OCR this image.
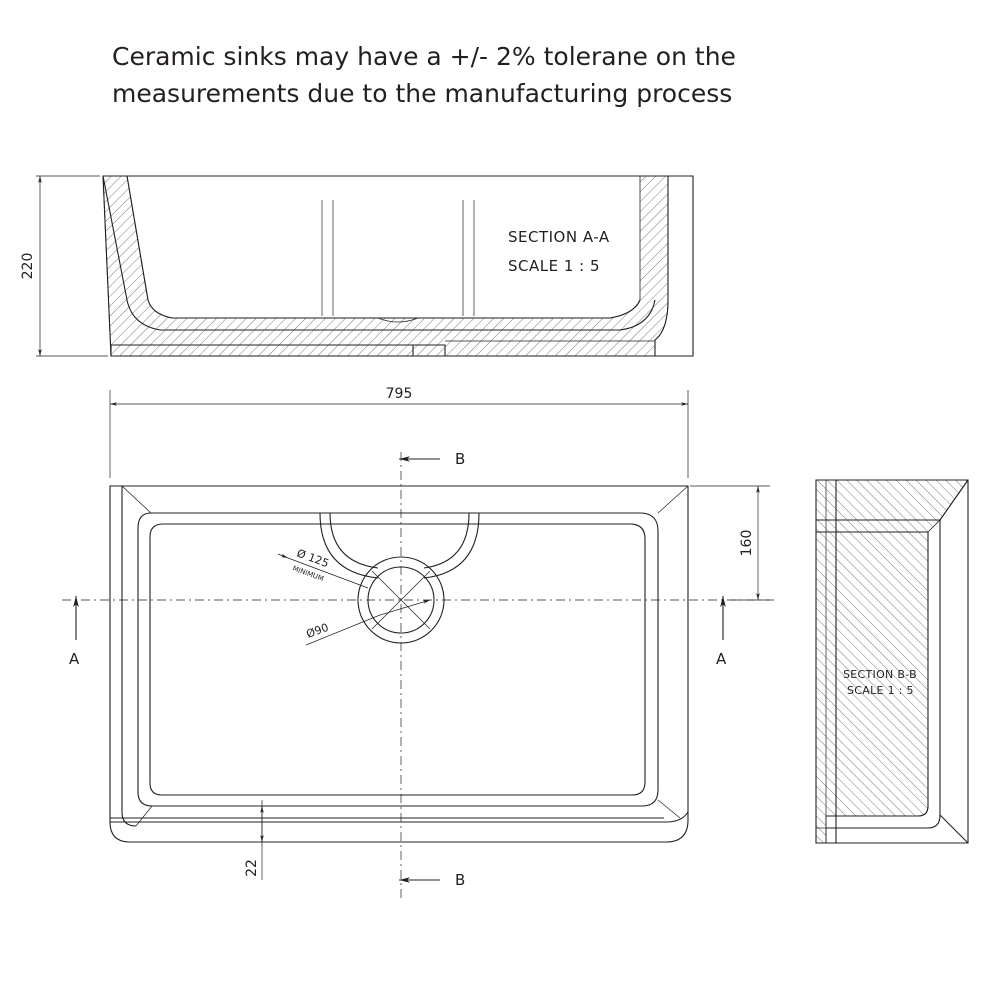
Ceramic sinks may have a +/- 2% tolerane on the
measurements due to the manufacturing process
SECTION A-A
SCALE 1 : 5
220
Ø 125
MINIMUM
Ø90
A	A
B
B
795
160
22
SECTION B-B
SCALE 1 : 5
